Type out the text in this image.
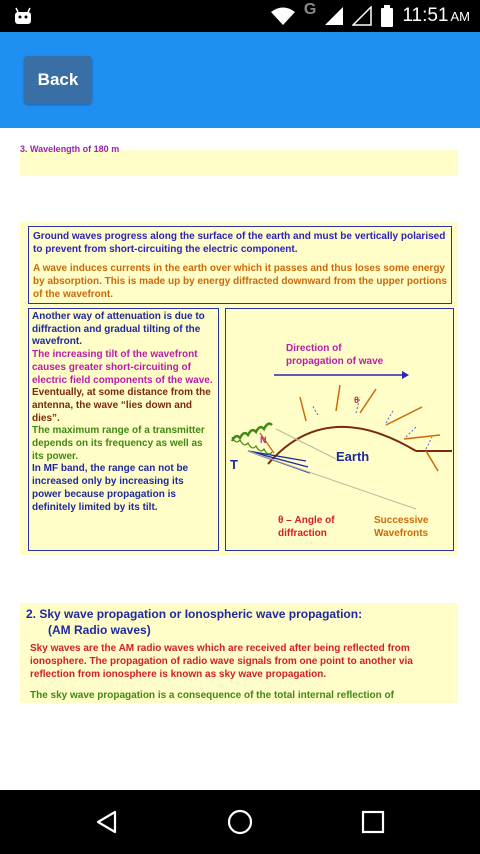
G	11:51 AM
Back
3. Wavelength of 180 m

Ground waves progress along the surface of the earth and must be vertically polarised to prevent from short-circuiting the electric component.

A wave induces currents in the earth over which it passes and thus loses some energy by absorption. This is made up by energy diffracted downward from the upper portions of the wavefront.

Another way of attenuation is due to diffraction and gradual tilting of the wavefront.
The increasing tilt of the wavefront causes greater short-circuiting of electric field components of the wave.
Eventually, at some distance from the antenna, the wave “lies down and dies”.
The maximum range of a transmitter depends on its frequency as well as its power.
In MF band, the range can not be increased only by increasing its power because propagation is definitely limited by its tilt.
Direction of
propagation of wave
Earth
θ
T
N
θ – Angle of
diffraction
Successive
Wavefronts
2. Sky wave propagation or Ionospheric wave propagation:
(AM Radio waves)
Sky waves are the AM radio waves which are received after being reflected from ionosphere. The propagation of radio wave signals from one point to another via reflection from ionosphere is known as sky wave propagation.
The sky wave propagation is a consequence of the total internal reflection of
